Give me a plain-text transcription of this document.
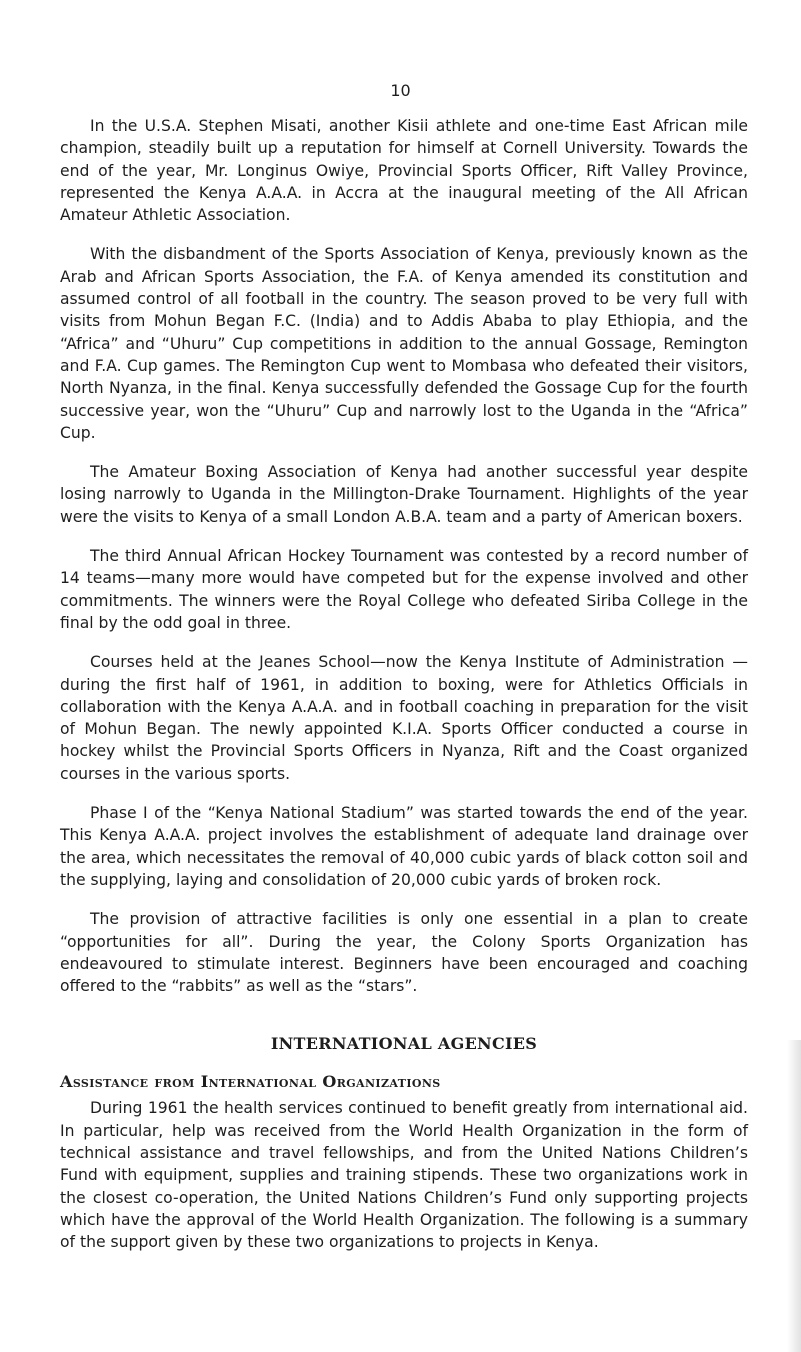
10

In the U.S.A. Stephen Misati, another Kisii athlete and one-time East African mile champion, steadily built up a reputation for himself at Cornell University. Towards the end of the year, Mr. Longinus Owiye, Provincial Sports Officer, Rift Valley Province, represented the Kenya A.A.A. in Accra at the inaugural meeting of the All African Amateur Athletic Association.

With the disbandment of the Sports Association of Kenya, previously known as the Arab and African Sports Association, the F.A. of Kenya amended its constitution and assumed control of all football in the country. The season proved to be very full with visits from Mohun Began F.C. (India) and to Addis Ababa to play Ethiopia, and the “Africa” and “Uhuru” Cup competitions in addition to the annual Gossage, Remington and F.A. Cup games. The Remington Cup went to Mombasa who defeated their visitors, North Nyanza, in the final. Kenya successfully defended the Gossage Cup for the fourth successive year, won the “Uhuru” Cup and narrowly lost to the Uganda in the “Africa” Cup.

The Amateur Boxing Association of Kenya had another successful year despite losing narrowly to Uganda in the Millington-Drake Tournament. Highlights of the year were the visits to Kenya of a small London A.B.A. team and a party of American boxers.

The third Annual African Hockey Tournament was contested by a record number of 14 teams—many more would have competed but for the expense involved and other commitments. The winners were the Royal College who defeated Siriba College in the final by the odd goal in three.

Courses held at the Jeanes School—now the Kenya Institute of Administration —during the first half of 1961, in addition to boxing, were for Athletics Officials in collaboration with the Kenya A.A.A. and in football coaching in preparation for the visit of Mohun Began. The newly appointed K.I.A. Sports Officer conducted a course in hockey whilst the Provincial Sports Officers in Nyanza, Rift and the Coast organized courses in the various sports.

Phase I of the “Kenya National Stadium” was started towards the end of the year. This Kenya A.A.A. project involves the establishment of adequate land drainage over the area, which necessitates the removal of 40,000 cubic yards of black cotton soil and the supplying, laying and consolidation of 20,000 cubic yards of broken rock.

The provision of attractive facilities is only one essential in a plan to create “opportunities for all”. During the year, the Colony Sports Organization has endeavoured to stimulate interest. Beginners have been encouraged and coaching offered to the “rabbits” as well as the “stars”.

INTERNATIONAL AGENCIES
Assistance from International Organizations

During 1961 the health services continued to benefit greatly from international aid. In particular, help was received from the World Health Organization in the form of technical assistance and travel fellowships, and from the United Nations Children’s Fund with equipment, supplies and training stipends. These two organizations work in the closest co-operation, the United Nations Children’s Fund only supporting projects which have the approval of the World Health Organization. The following is a summary of the support given by these two organizations to projects in Kenya.
